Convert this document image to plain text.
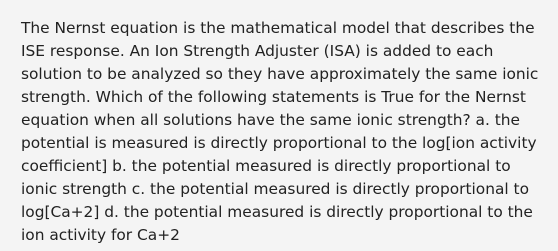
The Nernst equation is the mathematical model that describes the ISE response. An Ion Strength Adjuster (ISA) is added to each solution to be analyzed so they have approximately the same ionic strength. Which of the following statements is True for the Nernst equation when all solutions have the same ionic strength? a. the potential is measured is directly proportional to the log[ion activity coefficient] b. the potential measured is directly proportional to ionic strength c. the potential measured is directly proportional to log[Ca+2] d. the potential measured is directly proportional to the ion activity for Ca+2
